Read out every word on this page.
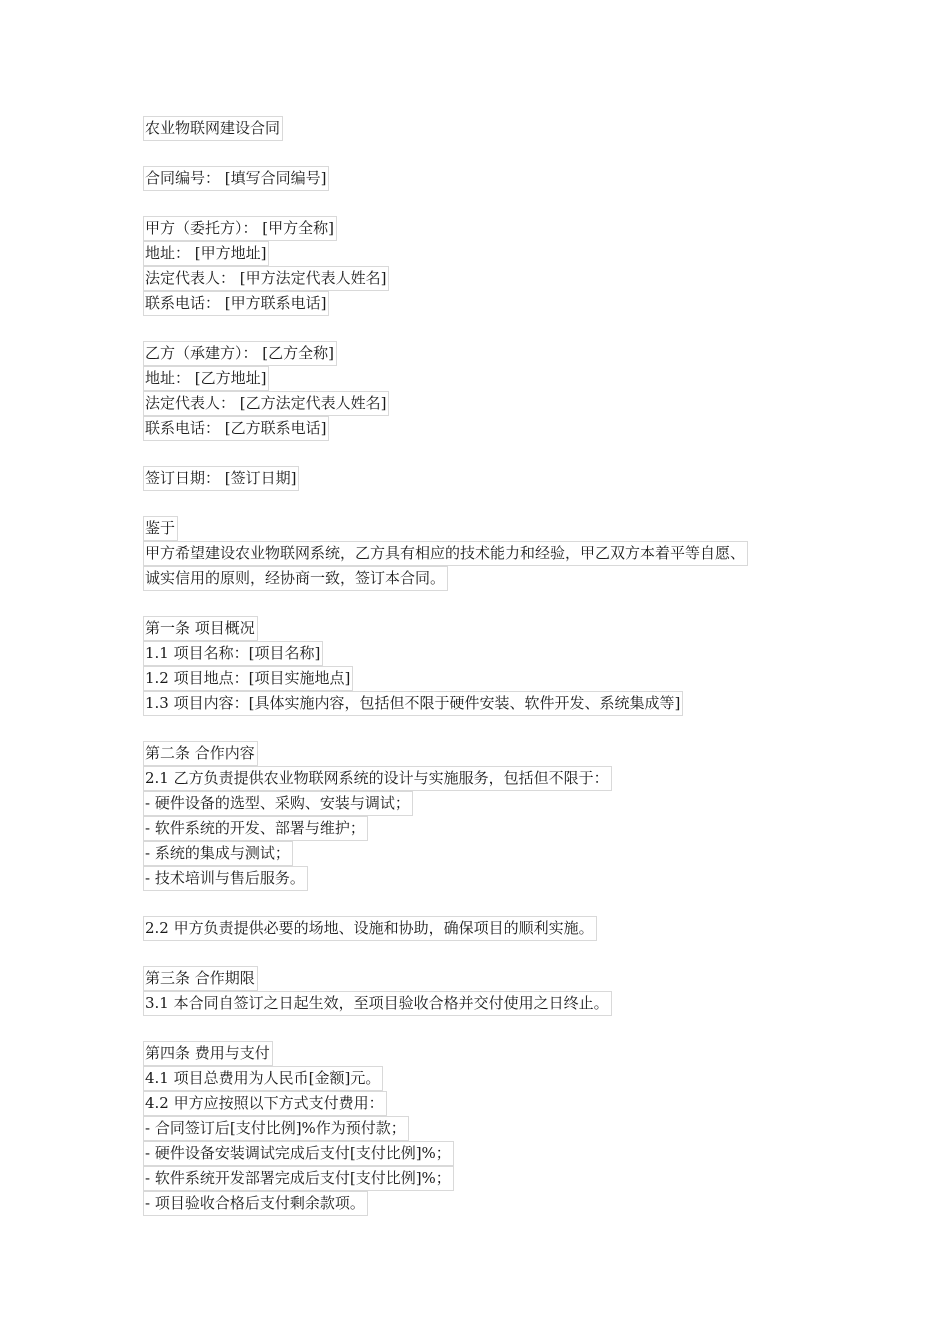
农业物联网建设合同
合同编号： [填写合同编号]
甲方（委托方）： [甲方全称]
地址： [甲方地址]
法定代表人： [甲方法定代表人姓名]
联系电话： [甲方联系电话]
乙方（承建方）： [乙方全称]
地址： [乙方地址]
法定代表人： [乙方法定代表人姓名]
联系电话： [乙方联系电话]
签订日期： [签订日期]
鉴于
甲方希望建设农业物联网系统，乙方具有相应的技术能力和经验，甲乙双方本着平等自愿、
诚实信用的原则，经协商一致，签订本合同。
第一条 项目概况
1.1 项目名称：[项目名称]
1.2 项目地点：[项目实施地点]
1.3 项目内容：[具体实施内容，包括但不限于硬件安装、软件开发、系统集成等]
第二条 合作内容
2.1 乙方负责提供农业物联网系统的设计与实施服务，包括但不限于：
- 硬件设备的选型、采购、安装与调试；
- 软件系统的开发、部署与维护；
- 系统的集成与测试；
- 技术培训与售后服务。
2.2 甲方负责提供必要的场地、设施和协助，确保项目的顺利实施。
第三条 合作期限
3.1 本合同自签订之日起生效，至项目验收合格并交付使用之日终止。
第四条 费用与支付
4.1 项目总费用为人民币[金额]元。
4.2 甲方应按照以下方式支付费用：
- 合同签订后[支付比例]%作为预付款；
- 硬件设备安装调试完成后支付[支付比例]%；
- 软件系统开发部署完成后支付[支付比例]%；
- 项目验收合格后支付剩余款项。
